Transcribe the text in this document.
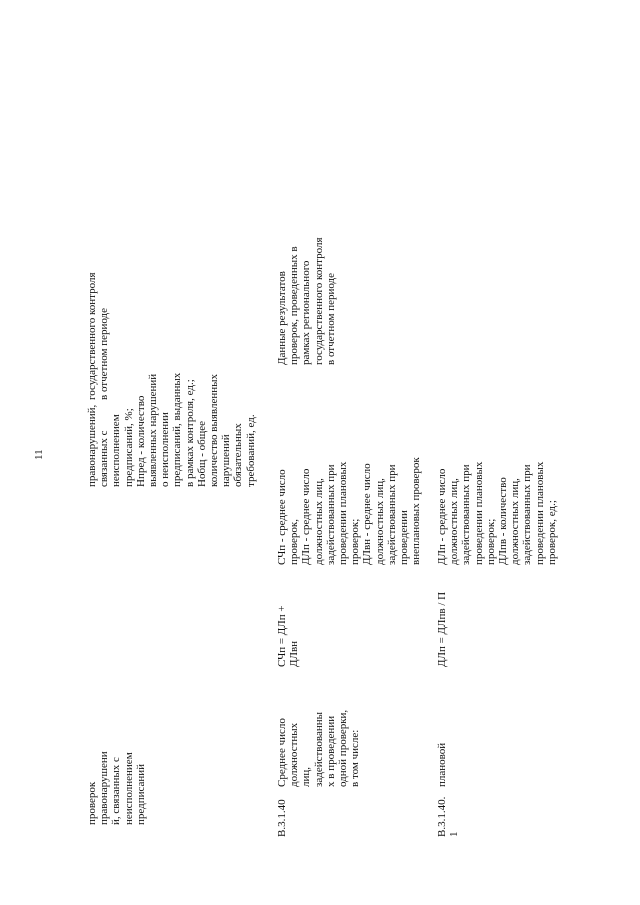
11	правонарушений,
связанных с
неисполнением
предписаний, %;
Нпред - количество
выявленных нарушений
о неисполнении
предписаний, выданных
в рамках контроля, ед.;
Нобщ - общее
количество выявленных
нарушений
обязательных
требований, ед.
государственного контроля
в отчетном периоде
проверок
правонарушени
й, связанных с
неисполнением
предписаний	В.3.1.40
Среднее число
должностных
лиц,
задействованны
х в проведении
одной проверки,
в том числе:
СЧп = ДЛп +
ДЛвн
СЧп - среднее число
проверок,
ДЛп - среднее число
должностных лиц,
задействованных при
проведении плановых
проверок;
ДЛвн - среднее число
должностных лиц,
задействованных при
проведении
внеплановых проверок
Данные результатов
проверок, проведенных в
рамках регионального
государственного контроля
в отчетном периоде
В.3.1.40.
1
плановой
ДЛп = ДЛпв / П
ДЛп - среднее число
должностных лиц,
задействованных при
проведении плановых
проверок;
ДЛпв - количество
должностных лиц,
задействованных при
проведении плановых
проверок, ед.;
